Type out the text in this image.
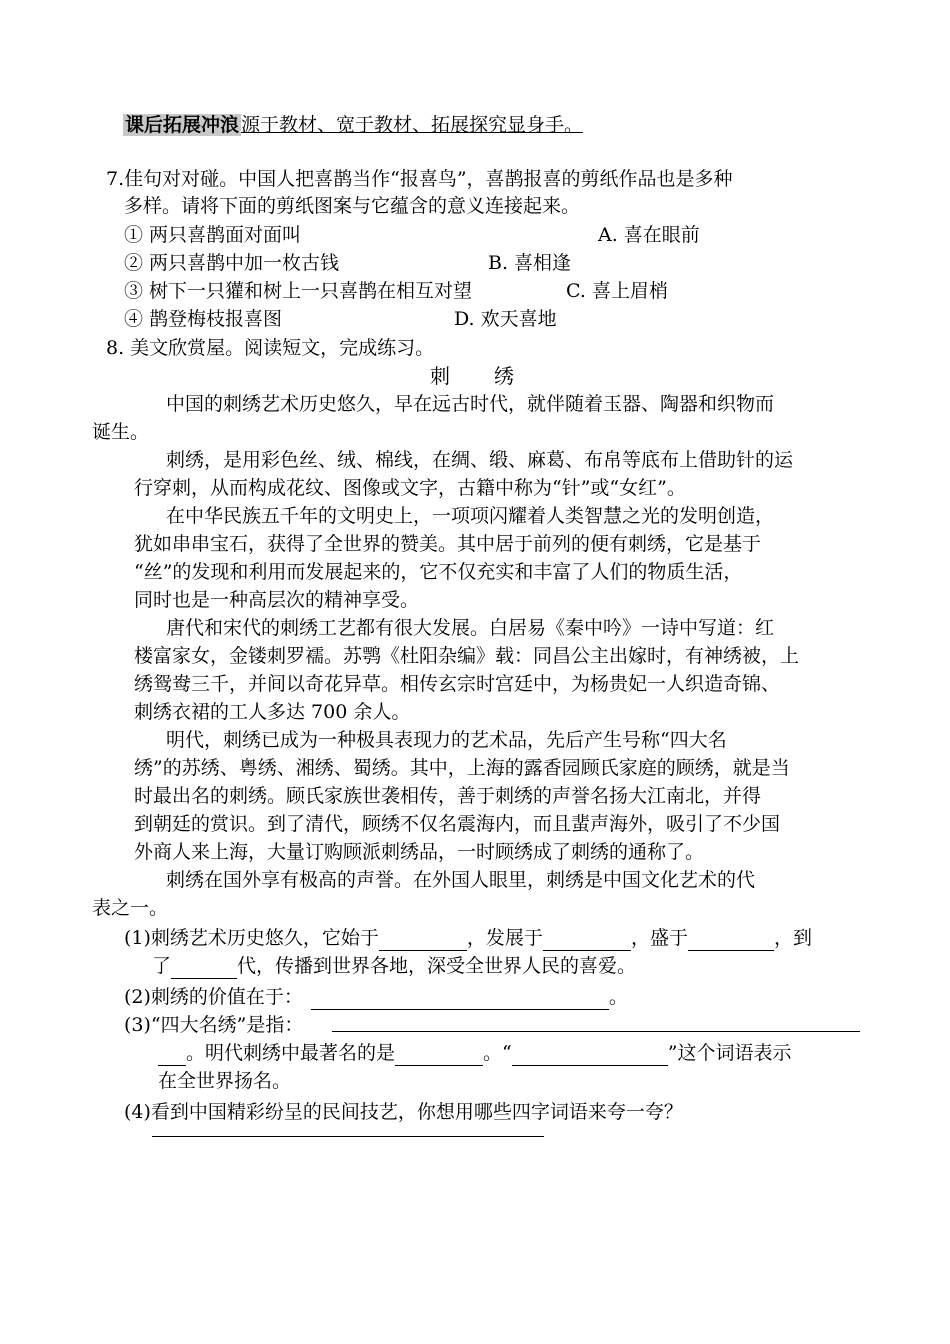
课后拓展冲浪 源于教材、宽于教材、拓展探究显身手。
7.佳句对对碰。中国人把喜鹊当作“报喜鸟”，喜鹊报喜的剪纸作品也是多种
多样。请将下面的剪纸图案与它蕴含的意义连接起来。
① 两只喜鹊面对面叫	A. 喜在眼前
② 两只喜鹊中加一枚古钱	B. 喜相逢
③ 树下一只獾和树上一只喜鹊在相互对望	C. 喜上眉梢
④ 鹊登梅枝报喜图	D. 欢天喜地
8. 美文欣赏屋。阅读短文，完成练习。
刺绣
中国的刺绣艺术历史悠久，早在远古时代，就伴随着玉器、陶器和织物而
诞生。
刺绣，是用彩色丝、绒、棉线，在绸、缎、麻葛、布帛等底布上借助针的运
行穿刺，从而构成花纹、图像或文字，古籍中称为“针”或“女红”。
在中华民族五千年的文明史上，一项项闪耀着人类智慧之光的发明创造，
犹如串串宝石，获得了全世界的赞美。其中居于前列的便有刺绣，它是基于
“丝”的发现和利用而发展起来的，它不仅充实和丰富了人们的物质生活，
同时也是一种高层次的精神享受。
唐代和宋代的刺绣工艺都有很大发展。白居易《秦中吟》一诗中写道：红
楼富家女，金镂刺罗襦。苏鹗《杜阳杂编》载：同昌公主出嫁时，有神绣被，上
绣鸳鸯三千，并间以奇花异草。相传玄宗时宫廷中，为杨贵妃一人织造奇锦、
刺绣衣裙的工人多达 700 余人。
明代，刺绣已成为一种极具表现力的艺术品，先后产生号称“四大名
绣”的苏绣、粤绣、湘绣、蜀绣。其中，上海的露香园顾氏家庭的顾绣，就是当
时最出名的刺绣。顾氏家族世袭相传，善于刺绣的声誉名扬大江南北，并得
到朝廷的赏识。到了清代，顾绣不仅名震海内，而且蜚声海外，吸引了不少国
外商人来上海，大量订购顾派刺绣品，一时顾绣成了刺绣的通称了。
刺绣在国外享有极高的声誉。在外国人眼里，刺绣是中国文化艺术的代
表之一。
(1)刺绣艺术历史悠久，它始于	，发展于	，盛于	，到
了	代，传播到世界各地，深受全世界人民的喜爱。
(2)刺绣的价值在于：	。
(3)“四大名绣”是指：
。明代刺绣中最著名的是	。“	”这个词语表示
在全世界扬名。
(4)看到中国精彩纷呈的民间技艺，你想用哪些四字词语来夸一夸？
